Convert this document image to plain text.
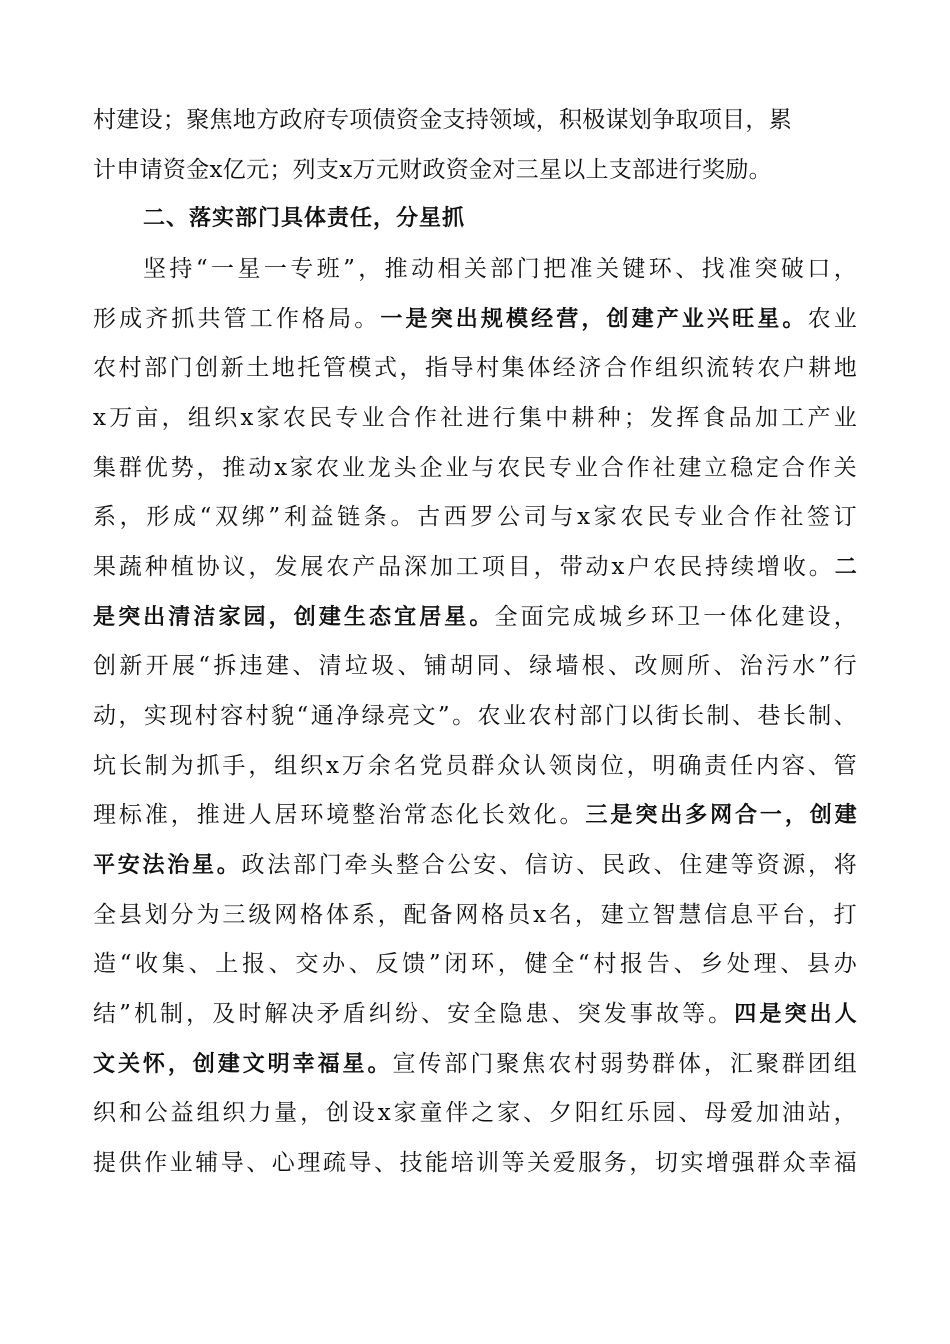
村建设；聚焦地方政府专项债资金支持领域，积极谋划争取项目，累
计申请资金x亿元；列支x万元财政资金对三星以上支部进行奖励。
二、落实部门具体责任，分星抓
坚持“一星一专班”，推动相关部门把准关键环、找准突破口，
形成齐抓共管工作格局。一是突出规模经营，创建产业兴旺星。农业
农村部门创新土地托管模式，指导村集体经济合作组织流转农户耕地
x万亩，组织x家农民专业合作社进行集中耕种；发挥食品加工产业
集群优势，推动x家农业龙头企业与农民专业合作社建立稳定合作关
系，形成“双绑”利益链条。古西罗公司与x家农民专业合作社签订
果蔬种植协议，发展农产品深加工项目，带动x户农民持续增收。二
是突出清洁家园，创建生态宜居星。全面完成城乡环卫一体化建设，
创新开展“拆违建、清垃圾、铺胡同、绿墙根、改厕所、治污水”行
动，实现村容村貌“通净绿亮文”。农业农村部门以街长制、巷长制、
坑长制为抓手，组织x万余名党员群众认领岗位，明确责任内容、管
理标准，推进人居环境整治常态化长效化。三是突出多网合一，创建
平安法治星。政法部门牵头整合公安、信访、民政、住建等资源，将
全县划分为三级网格体系，配备网格员x名，建立智慧信息平台，打
造“收集、上报、交办、反馈”闭环，健全“村报告、乡处理、县办
结”机制，及时解决矛盾纠纷、安全隐患、突发事故等。四是突出人
文关怀，创建文明幸福星。宣传部门聚焦农村弱势群体，汇聚群团组
织和公益组织力量，创设x家童伴之家、夕阳红乐园、母爱加油站，
提供作业辅导、心理疏导、技能培训等关爱服务，切实增强群众幸福
